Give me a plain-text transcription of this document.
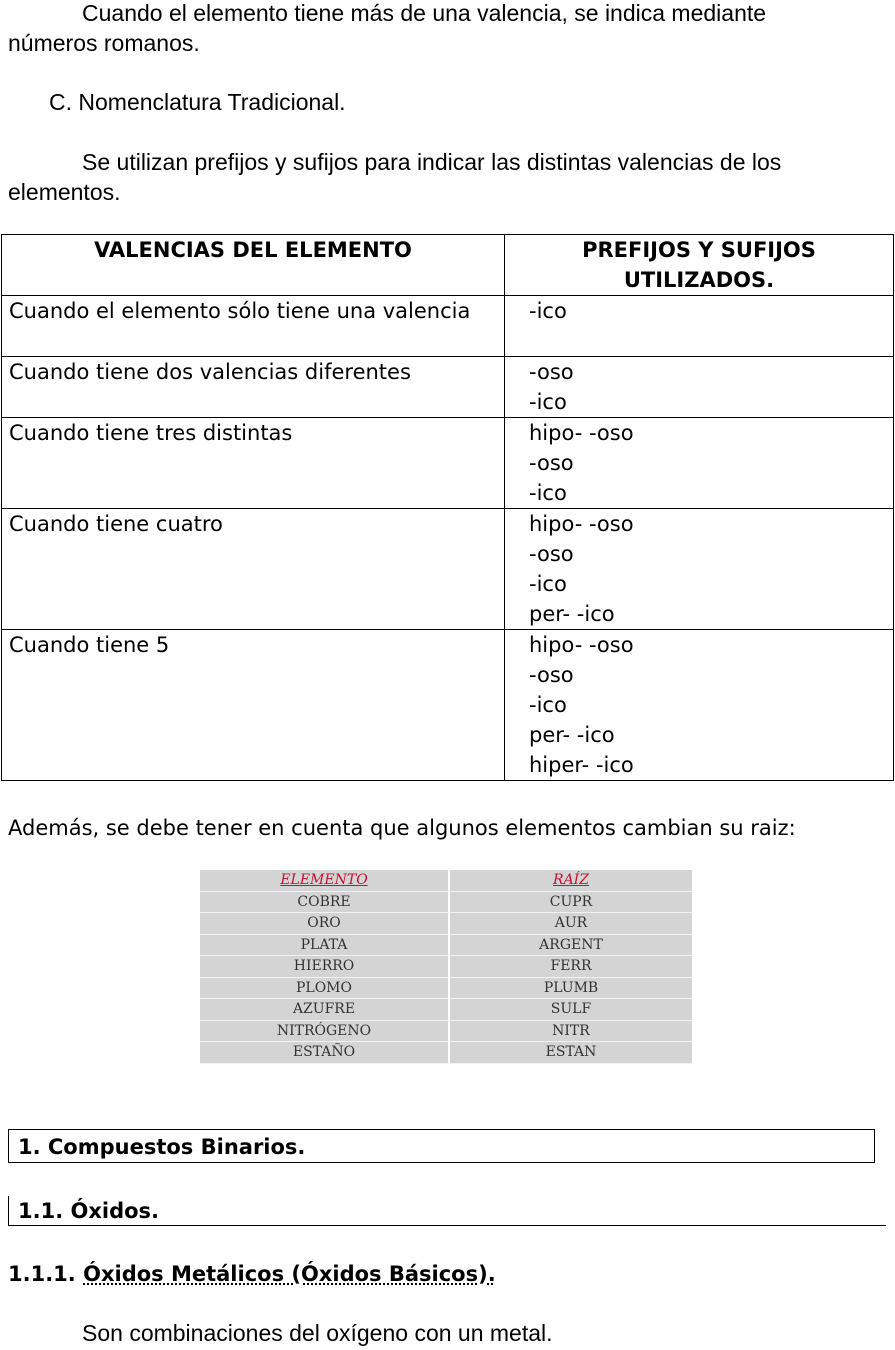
Cuando el elemento tiene más de una valencia, se indica mediante

números romanos.

C. Nomenclatura Tradicional.

Se utilizan prefijos y sufijos para indicar las distintas valencias de los

elementos.

VALENCIAS DEL ELEMENTO	PREFIJOS Y SUFIJOS UTILIZADOS.
Cuando el elemento sólo tiene una valencia	-ico

Cuando tiene dos valencias diferentes	-oso
-ico

Cuando tiene tres distintas	hipo- -oso
-oso
-ico

Cuando tiene cuatro	hipo- -oso
-oso
-ico
per- -ico

Cuando tiene 5	hipo- -oso
-oso
-ico
per- -ico
hiper- -ico

Además, se debe tener en cuenta que algunos elementos cambian su raiz:

ELEMENTO	RAÍZ
COBRE	CUPR
ORO	AUR
PLATA	ARGENT
HIERRO	FERR
PLOMO	PLUMB
AZUFRE	SULF
NITRÓGENO	NITR
ESTAÑO	ESTAN
1. Compuestos Binarios.
1.1. Óxidos.
1.1.1. Óxidos Metálicos (Óxidos Básicos).

Son combinaciones del oxígeno con un metal.
